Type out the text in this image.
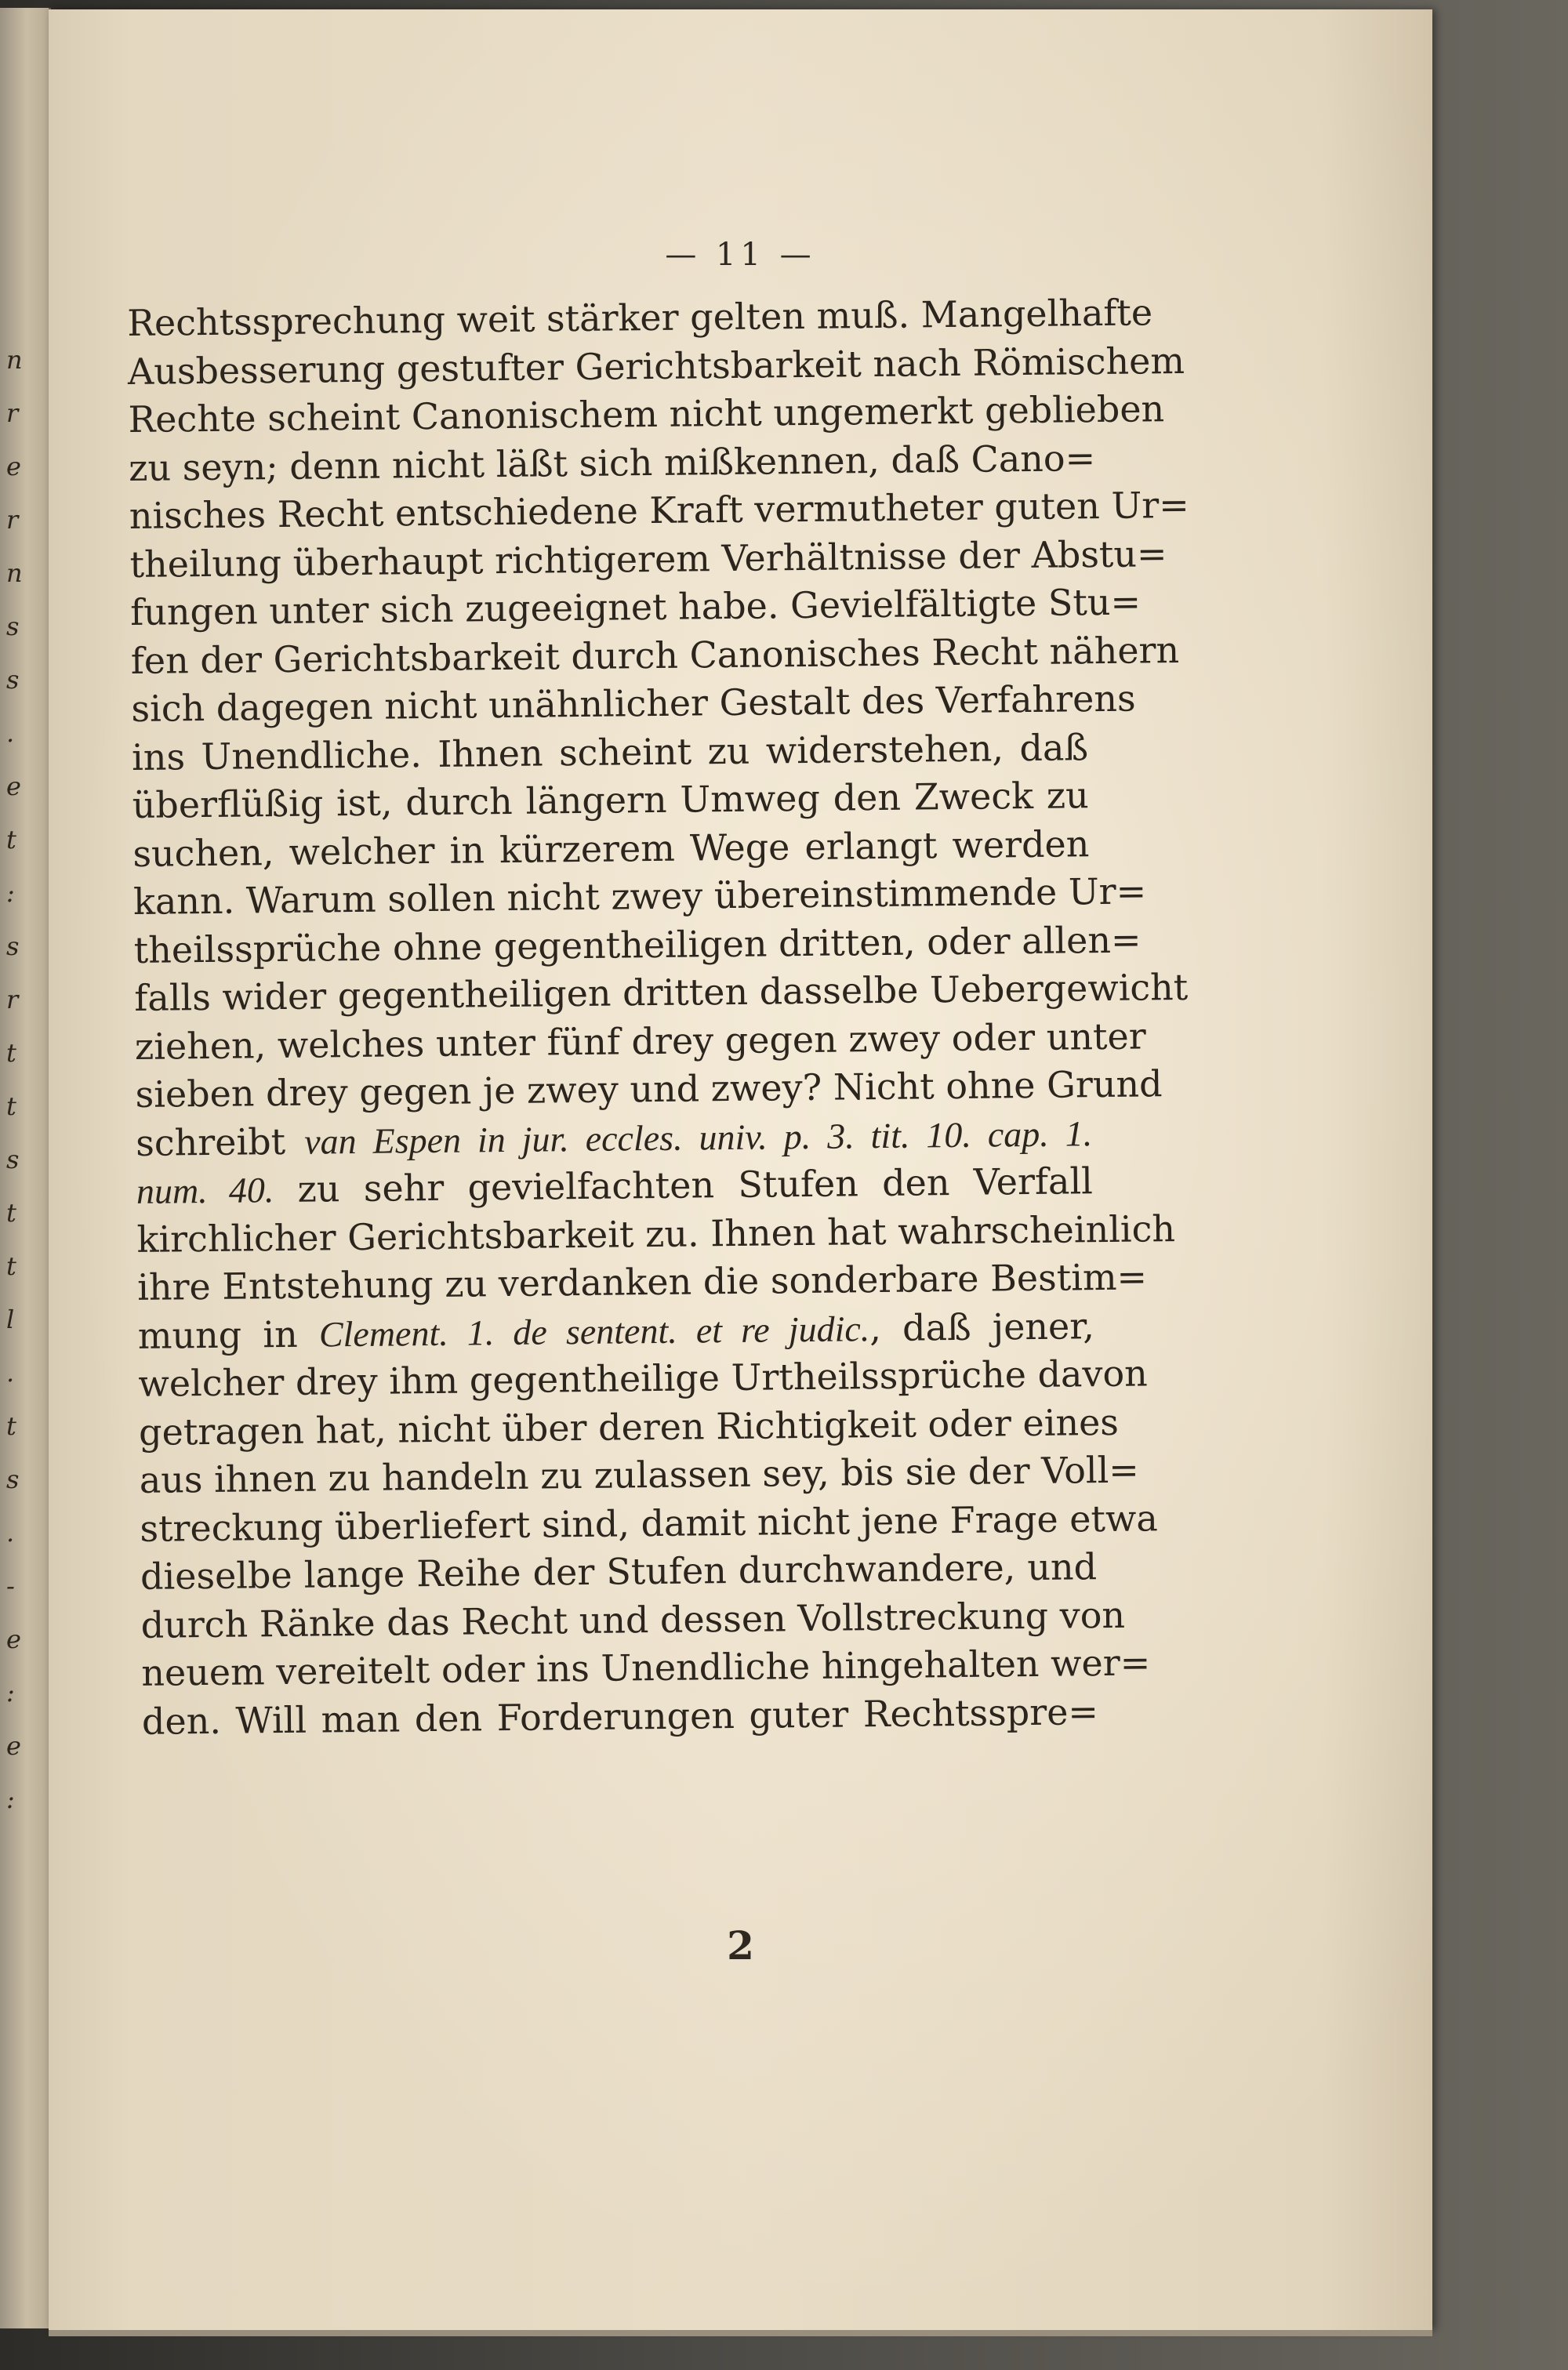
n
r
e
r
n
s
s
.
e
t
:
s
r
t
t
s
t
t
l
.
t
s
.
-
e
:
e
:
— 11 —
Rechtssprechung weit stärker gelten muß. Mangelhafte
Ausbesserung gestufter Gerichtsbarkeit nach Römischem
Rechte scheint Canonischem nicht ungemerkt geblieben
zu seyn; denn nicht läßt sich mißkennen, daß Cano=
nisches Recht entschiedene Kraft vermutheter guten Ur=
theilung überhaupt richtigerem Verhältnisse der Abstu=
fungen unter sich zugeeignet habe. Gevielfältigte Stu=
fen der Gerichtsbarkeit durch Canonisches Recht nähern
sich dagegen nicht unähnlicher Gestalt des Verfahrens
ins Unendliche. Ihnen scheint zu widerstehen, daß
überflüßig ist, durch längern Umweg den Zweck zu
suchen, welcher in kürzerem Wege erlangt werden
kann. Warum sollen nicht zwey übereinstimmende Ur=
theilssprüche ohne gegentheiligen dritten, oder allen=
falls wider gegentheiligen dritten dasselbe Uebergewicht
ziehen, welches unter fünf drey gegen zwey oder unter
sieben drey gegen je zwey und zwey? Nicht ohne Grund
schreibt van Espen in jur. eccles. univ. p. 3. tit. 10. cap. 1.
num. 40. zu sehr gevielfachten Stufen den Verfall
kirchlicher Gerichtsbarkeit zu. Ihnen hat wahrscheinlich
ihre Entstehung zu verdanken die sonderbare Bestim=
mung in Clement. 1. de sentent. et re judic., daß jener,
welcher drey ihm gegentheilige Urtheilssprüche davon
getragen hat, nicht über deren Richtigkeit oder eines
aus ihnen zu handeln zu zulassen sey, bis sie der Voll=
streckung überliefert sind, damit nicht jene Frage etwa
dieselbe lange Reihe der Stufen durchwandere, und
durch Ränke das Recht und dessen Vollstreckung von
neuem vereitelt oder ins Unendliche hingehalten wer=
den. Will man den Forderungen guter Rechtsspre=
2
